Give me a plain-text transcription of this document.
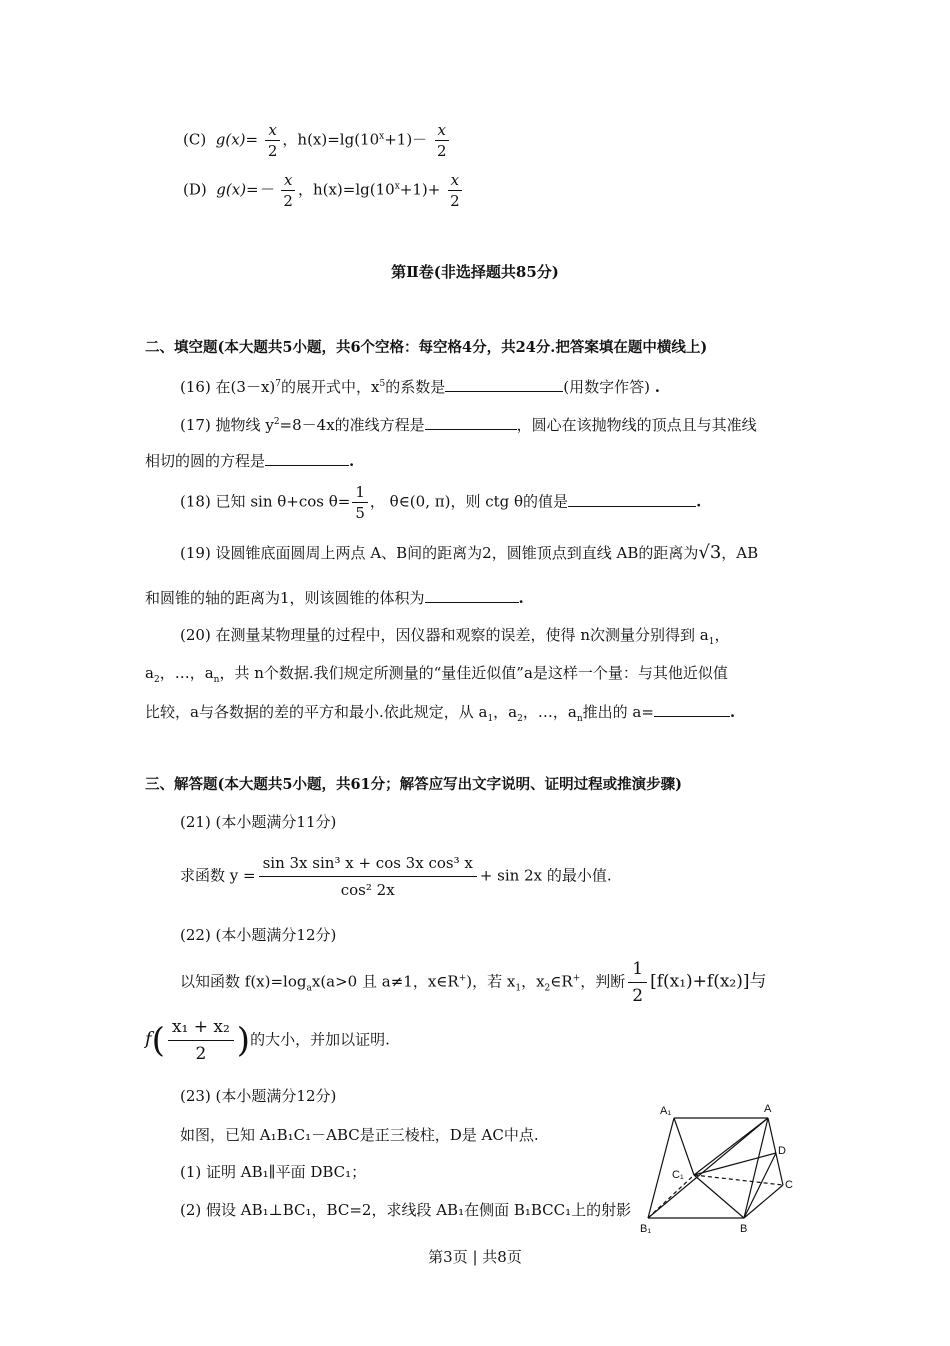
(C) $g(x)= \frac{x}{2}$ ，$h(x)=\lg(10^x+1)- \frac{x}{2}$
(D) $g(x)=- \frac{x}{2}$ ，$h(x)=\lg(10^x+1)+ \frac{x}{2}$
第Ⅱ卷(非选择题共85分)
二、填空题(本大题共5小题，共6个空格：每空格4分，共24分.把答案填在题中横线上)
(16) 在$(3-x)^7$的展开式中，$x^5$的系数是	(用数字作答) .
(17) 抛物线 $y^2=8-4x$的准线方程是	，圆心在该抛物线的顶点且与其准线
相切的圆的方程是	.
(18) 已知 sin θ+cos $\theta= \frac{1}{5}$ ， θ∈(0, π)，则 ctg θ的值是	.
(19) 设圆锥底面圆周上两点 A、B间的距离为2，圆锥顶点到直线 AB的距离为√3，AB
和圆锥的轴的距离为1，则该圆锥的体积为	.
(20) 在测量某物理量的过程中，因仪器和观察的误差，使得 n次测量分别得到 $a_1$，
$a_2$，…，$a_n$，共 n个数据.我们规定所测量的“量佳近似值”a是这样一个量：与其他近似值
比较，a与各数据的差的平方和最小.依此规定，从 $a_1$，$a_2$，…，$a_n$推出的 a=	.
三、解答题(本大题共5小题，共61分；解答应写出文字说明、证明过程或推演步骤)
(21) (本小题满分11分)
求函数 $y = \frac{\text{sin 3x sin³ x + cos 3x cos³ x}}{\text{cos² 2x}} + \sin 2x$ 的最小值.
(22) (本小题满分12分)
以知函数 $f(x)=\log_ax(a>0$ 且 a≠1，x∈R+)，若 $x_1$，$x_2\in R^+$，判断 $\frac{1}{2} [f(x_1)+f(x_2)]$与
$f( \frac{\text{x₁ + x₂}}{2}$ )的大小，并加以证明.
(23) (本小题满分12分)
如图，已知 A₁B₁C₁－ABC是正三棱柱，D是 AC中点.
(1) 证明 AB₁∥平面 DBC₁；
(2) 假设 AB₁⊥BC₁，BC=2，求线段 AB₁在侧面 B₁BCC₁上的射影
A₁	A
D
C₁
C
B₁	B
第3页 | 共8页
